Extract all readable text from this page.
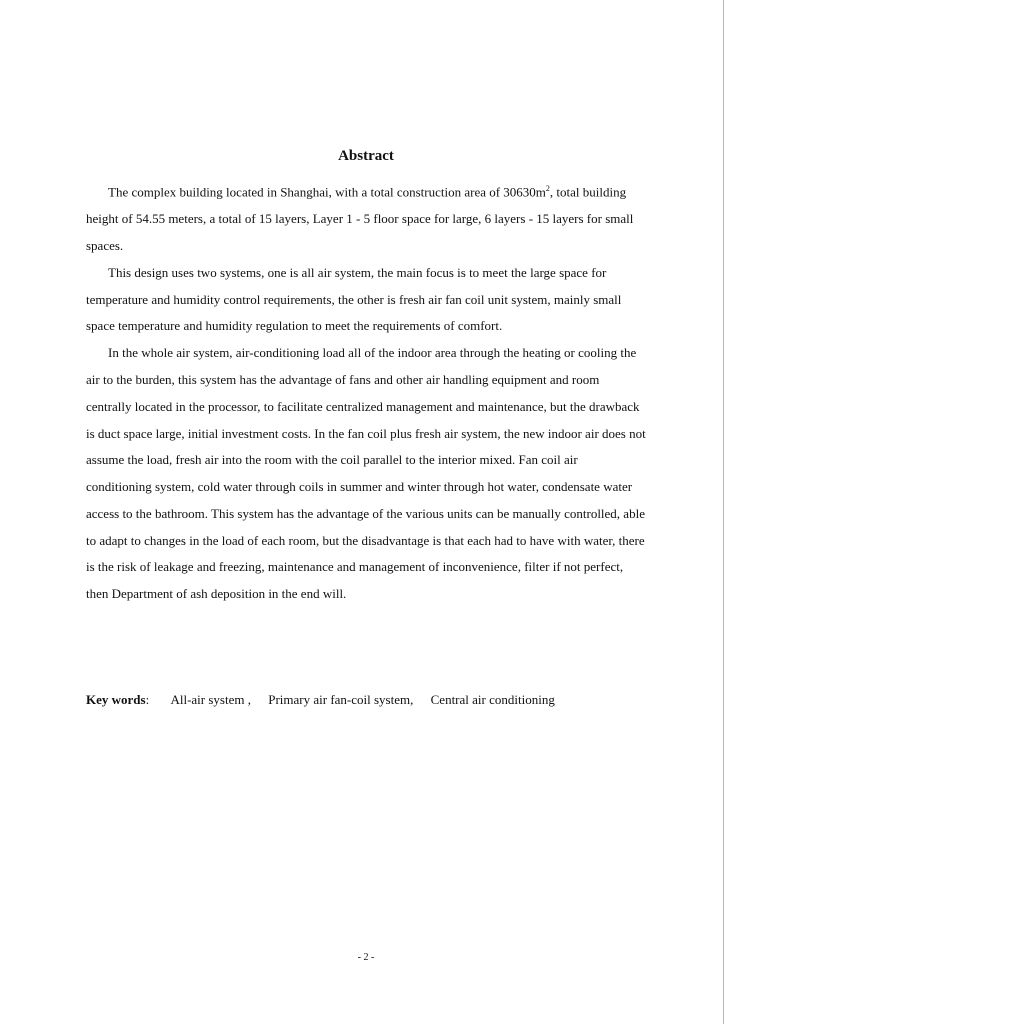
Abstract

The complex building located in Shanghai, with a total construction area of $30630m^2$, total building height of 54.55 meters, a total of 15 layers, Layer 1 - 5 floor space for large, 6 layers - 15 layers for small spaces.

This design uses two systems, one is all air system, the main focus is to meet the large space for temperature and humidity control requirements, the other is fresh air fan coil unit system, mainly small space temperature and humidity regulation to meet the requirements of comfort.

In the whole air system, air-conditioning load all of the indoor area through the heating or cooling the air to the burden, this system has the advantage of fans and other air handling equipment and room centrally located in the processor, to facilitate centralized management and maintenance, but the drawback is duct space large, initial investment costs. In the fan coil plus fresh air system, the new indoor air does not assume the load, fresh air into the room with the coil parallel to the interior mixed. Fan coil air conditioning system, cold water through coils in summer and winter through hot water, condensate water access to the bathroom. This system has the advantage of the various units can be manually controlled, able to adapt to changes in the load of each room, but the disadvantage is that each had to have with water, there is the risk of leakage and freezing, maintenance and management of inconvenience, filter if not perfect, then Department of ash deposition in the end will.

Key words: All-air system , Primary air fan-coil system, Central air conditioning
- 2 -
